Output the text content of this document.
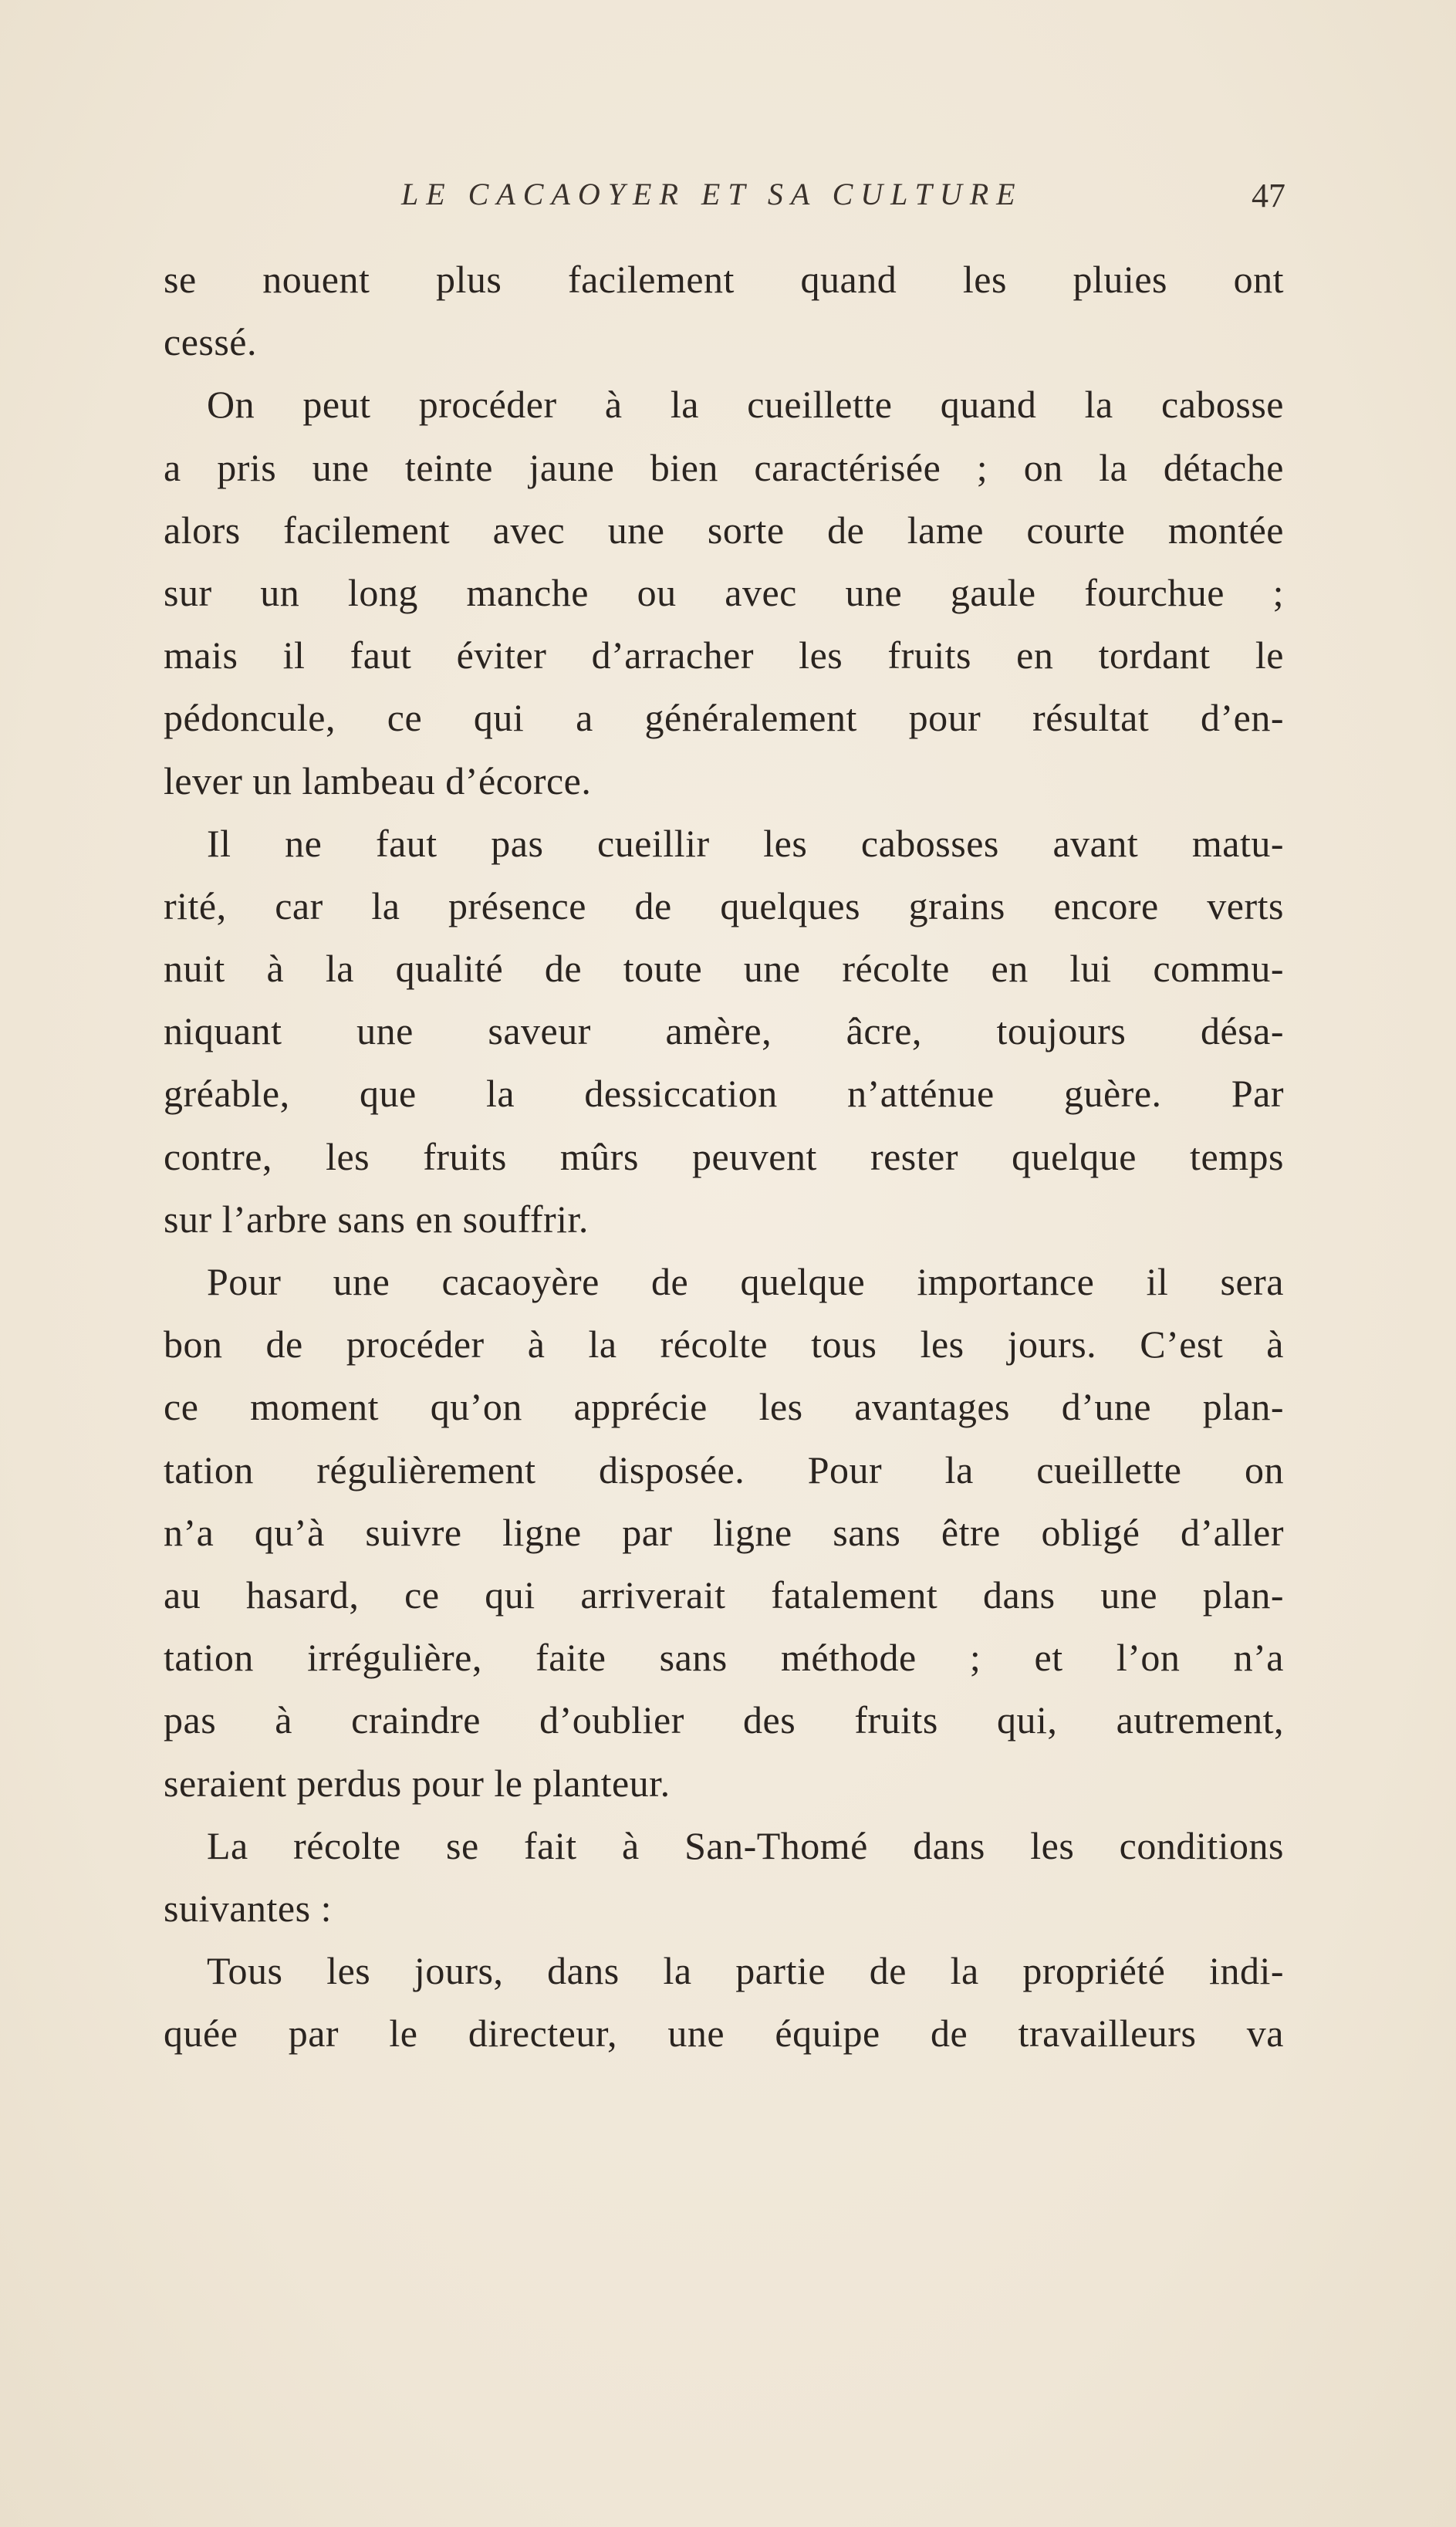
LE CACAOYER ET SA CULTURE	47
se nouent plus facilement quand les pluies ont
cessé.
On peut procéder à la cueillette quand la cabosse
a pris une teinte jaune bien caractérisée ; on la détache
alors facilement avec une sorte de lame courte montée
sur un long manche ou avec une gaule fourchue ;
mais il faut éviter d’arracher les fruits en tordant le
pédoncule, ce qui a généralement pour résultat d’en-
lever un lambeau d’écorce.
Il ne faut pas cueillir les cabosses avant matu-
rité, car la présence de quelques grains encore verts
nuit à la qualité de toute une récolte en lui commu-
niquant une saveur amère, âcre, toujours désa-
gréable, que la dessiccation n’atténue guère. Par
contre, les fruits mûrs peuvent rester quelque temps
sur l’arbre sans en souffrir.
Pour une cacaoyère de quelque importance il sera
bon de procéder à la récolte tous les jours. C’est à
ce moment qu’on apprécie les avantages d’une plan-
tation régulièrement disposée. Pour la cueillette on
n’a qu’à suivre ligne par ligne sans être obligé d’aller
au hasard, ce qui arriverait fatalement dans une plan-
tation irrégulière, faite sans méthode ; et l’on n’a
pas à craindre d’oublier des fruits qui, autrement,
seraient perdus pour le planteur.
La récolte se fait à San-Thomé dans les conditions
suivantes :
Tous les jours, dans la partie de la propriété indi-
quée par le directeur, une équipe de travailleurs va
